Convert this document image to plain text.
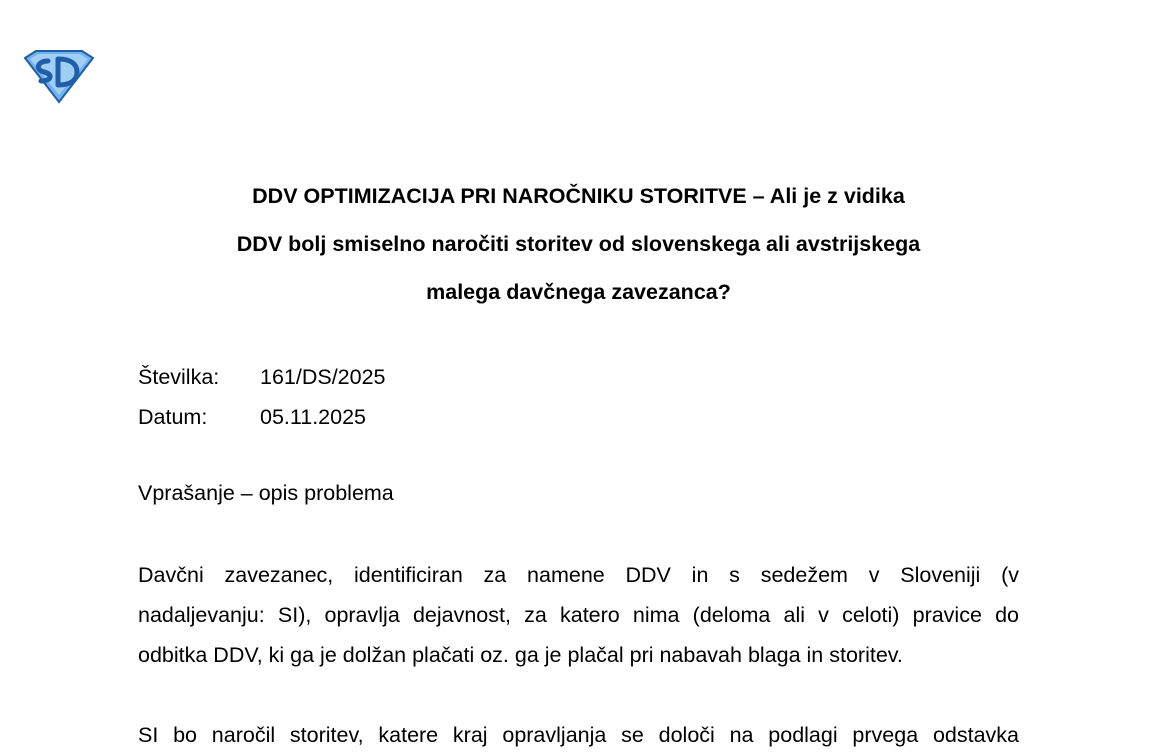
DDV OPTIMIZACIJA PRI NAROČNIKU STORITVE – Ali je z vidika
DDV bolj smiselno naročiti storitev od slovenskega ali avstrijskega
malega davčnega zavezanca?
Številka:	161/DS/2025
Datum:	05.11.2025
Vprašanje – opis problema

Davčni zavezanec, identificiran za namene DDV in s sedežem v Sloveniji (v
nadaljevanju: SI), opravlja dejavnost, za katero nima (deloma ali v celoti) pravice do
odbitka DDV, ki ga je dolžan plačati oz. ga je plačal pri nabavah blaga in storitev.

SI bo naročil storitev, katere kraj opravljanja se določi na podlagi prvega odstavka
